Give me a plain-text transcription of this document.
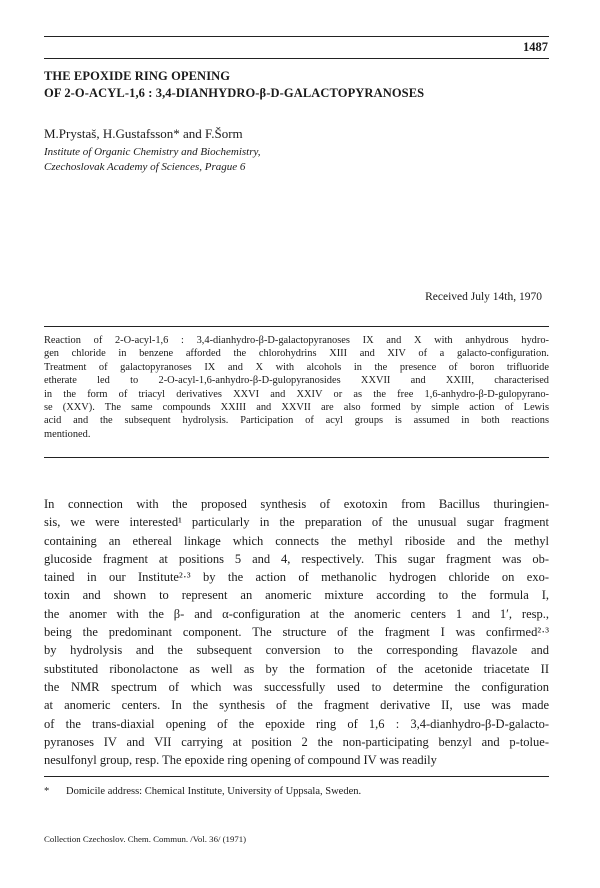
1487
THE EPOXIDE RING OPENING
OF 2-O-ACYL-1,6 : 3,4-DIANHYDRO-β-D-GALACTOPYRANOSES
M.Prystaš, H.Gustafsson* and F.Šorm
Institute of Organic Chemistry and Biochemistry,
Czechoslovak Academy of Sciences, Prague 6
Received July 14th, 1970
Reaction of 2-O-acyl-1,6 : 3,4-dianhydro-β-D-galactopyranoses IX and X with anhydrous hydro-
gen chloride in benzene afforded the chlorohydrins XIII and XIV of a galacto-configuration.
Treatment of galactopyranoses IX and X with alcohols in the presence of boron trifluoride
etherate led to 2-O-acyl-1,6-anhydro-β-D-gulopyranosides XXVII and XXIII, characterised
in the form of triacyl derivatives XXVI and XXIV or as the free 1,6-anhydro-β-D-gulopyrano-
se (XXV). The same compounds XXIII and XXVII are also formed by simple action of Lewis
acid and the subsequent hydrolysis. Participation of acyl groups is assumed in both reactions
mentioned.
In connection with the proposed synthesis of exotoxin from Bacillus thuringien-
sis, we were interested¹ particularly in the preparation of the unusual sugar fragment
containing an ethereal linkage which connects the methyl riboside and the methyl
glucoside fragment at positions 5 and 4, respectively. This sugar fragment was ob-
tained in our Institute²·³ by the action of methanolic hydrogen chloride on exo-
toxin and shown to represent an anomeric mixture according to the formula I,
the anomer with the β- and α-configuration at the anomeric centers 1 and 1′, resp.,
being the predominant component. The structure of the fragment I was confirmed²·³
by hydrolysis and the subsequent conversion to the corresponding flavazole and
substituted ribonolactone as well as by the formation of the acetonide triacetate II
the NMR spectrum of which was successfully used to determine the configuration
at anomeric centers. In the synthesis of the fragment derivative II, use was made
of the trans-diaxial opening of the epoxide ring of 1,6 : 3,4-dianhydro-β-D-galacto-
pyranoses IV and VII carrying at position 2 the non-participating benzyl and p-tolue-
nesulfonyl group, resp. The epoxide ring opening of compound IV was readily
* Domicile address: Chemical Institute, University of Uppsala, Sweden.
Collection Czechoslov. Chem. Commun. /Vol. 36/ (1971)
